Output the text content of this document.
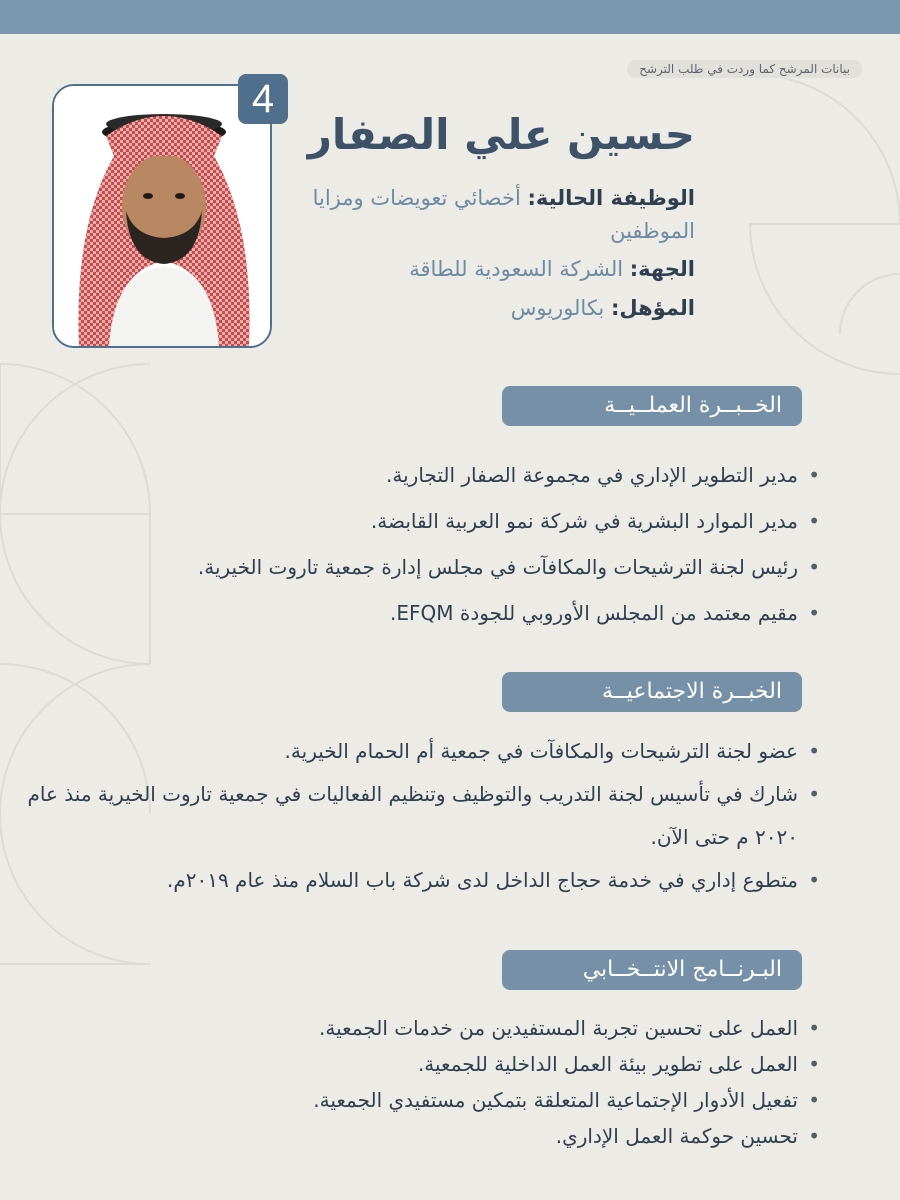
بيانات المرشح كما وردت في طلب الترشح
4
حسين علي الصفار
الوظيفة الحالية: أخصائي تعويضات ومزايا الموظفين
الجهة: الشركة السعودية للطاقة
المؤهل: بكالوريوس
الخــبــرة العملــيــة
• مدير التطوير الإداري في مجموعة الصفار التجارية.
• مدير الموارد البشرية في شركة نمو العربية القابضة.
• رئيس لجنة الترشيحات والمكافآت في مجلس إدارة جمعية تاروت الخيرية.
• مقيم معتمد من المجلس الأوروبي للجودة EFQM.
الخبــرة الاجتماعيــة
• عضو لجنة الترشيحات والمكافآت في جمعية أم الحمام الخيرية.
• شارك في تأسيس لجنة التدريب والتوظيف وتنظيم الفعاليات في جمعية تاروت الخيرية منذ عام ٢٠٢٠ م حتى الآن.
• متطوع إداري في خدمة حجاج الداخل لدى شركة باب السلام منذ عام ٢٠١٩م.
البـرنــامج الانتــخــابي
• العمل على تحسين تجربة المستفيدين من خدمات الجمعية.
• العمل على تطوير بيئة العمل الداخلية للجمعية.
• تفعيل الأدوار الإجتماعية المتعلقة بتمكين مستفيدي الجمعية.
• تحسين حوكمة العمل الإداري.
